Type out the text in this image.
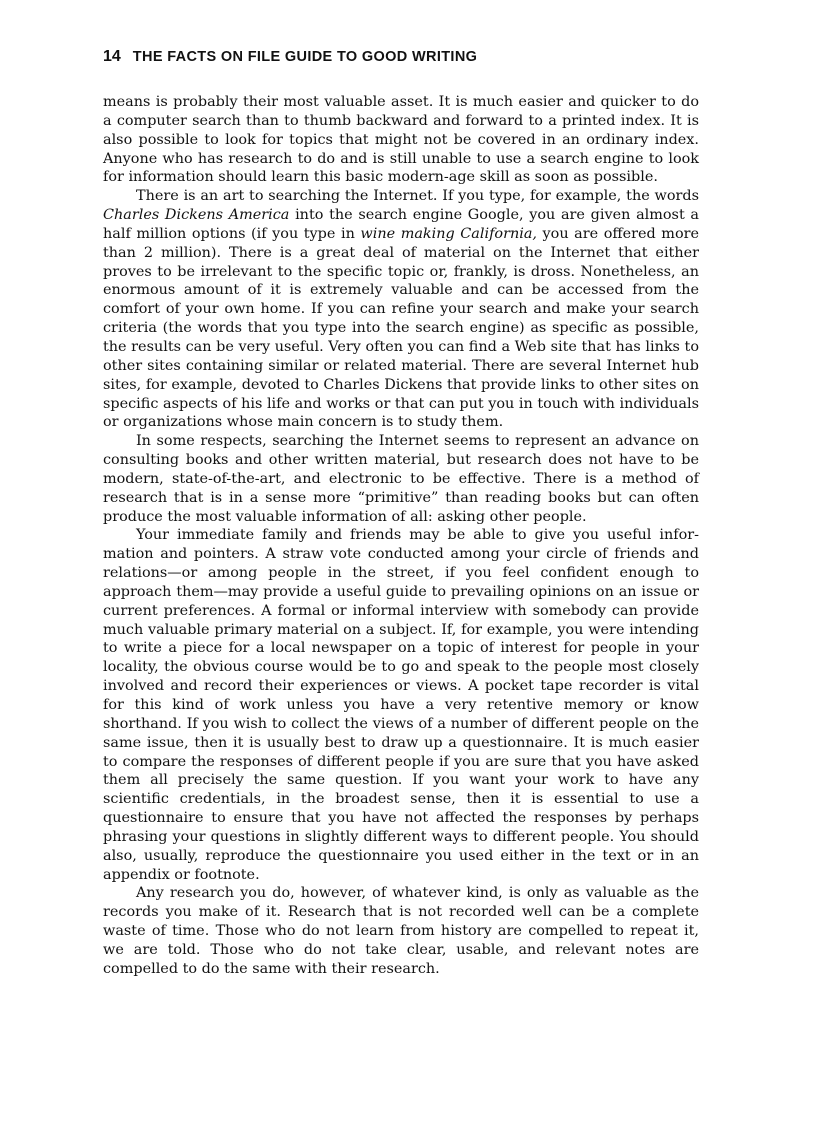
14 THE FACTS ON FILE GUIDE TO GOOD WRITING

means is probably their most valuable asset. It is much easier and quicker to do a computer search than to thumb backward and forward to a printed index. It is also possible to look for topics that might not be covered in an ordinary index. Anyone who has research to do and is still unable to use a search engine to look for information should learn this basic modern-age skill as soon as possible.

There is an art to searching the Internet. If you type, for example, the words Charles Dickens America into the search engine Google, you are given almost a half million options (if you type in wine making California, you are offered more than 2 million). There is a great deal of material on the Internet that either proves to be irrelevant to the specific topic or, frankly, is dross. Nonetheless, an enormous amount of it is extremely valuable and can be accessed from the comfort of your own home. If you can refine your search and make your search criteria (the words that you type into the search engine) as specific as possible, the results can be very useful. Very often you can find a Web site that has links to other sites containing similar or related material. There are several Internet hub sites, for example, devoted to Charles Dickens that provide links to other sites on specific aspects of his life and works or that can put you in touch with individuals or organizations whose main concern is to study them.

In some respects, searching the Internet seems to represent an advance on consulting books and other written material, but research does not have to be modern, state-of-the-art, and electronic to be effective. There is a method of research that is in a sense more “primitive” than reading books but can often produce the most valuable information of all: asking other people.

Your immediate family and friends may be able to give you useful information and pointers. A straw vote conducted among your circle of friends and relations—or among people in the street, if you feel confident enough to approach them—may provide a useful guide to prevailing opinions on an issue or current preferences. A formal or informal interview with somebody can provide much valuable primary material on a subject. If, for example, you were intending to write a piece for a local newspaper on a topic of interest for people in your locality, the obvious course would be to go and speak to the people most closely involved and record their experiences or views. A pocket tape recorder is vital for this kind of work unless you have a very retentive memory or know shorthand. If you wish to collect the views of a number of different people on the same issue, then it is usually best to draw up a questionnaire. It is much easier to compare the responses of different people if you are sure that you have asked them all precisely the same question. If you want your work to have any scientific credentials, in the broadest sense, then it is essential to use a questionnaire to ensure that you have not affected the responses by perhaps phrasing your questions in slightly different ways to different people. You should also, usually, reproduce the questionnaire you used either in the text or in an appendix or footnote.

Any research you do, however, of whatever kind, is only as valuable as the records you make of it. Research that is not recorded well can be a complete waste of time. Those who do not learn from history are compelled to repeat it, we are told. Those who do not take clear, usable, and relevant notes are compelled to do the same with their research.
